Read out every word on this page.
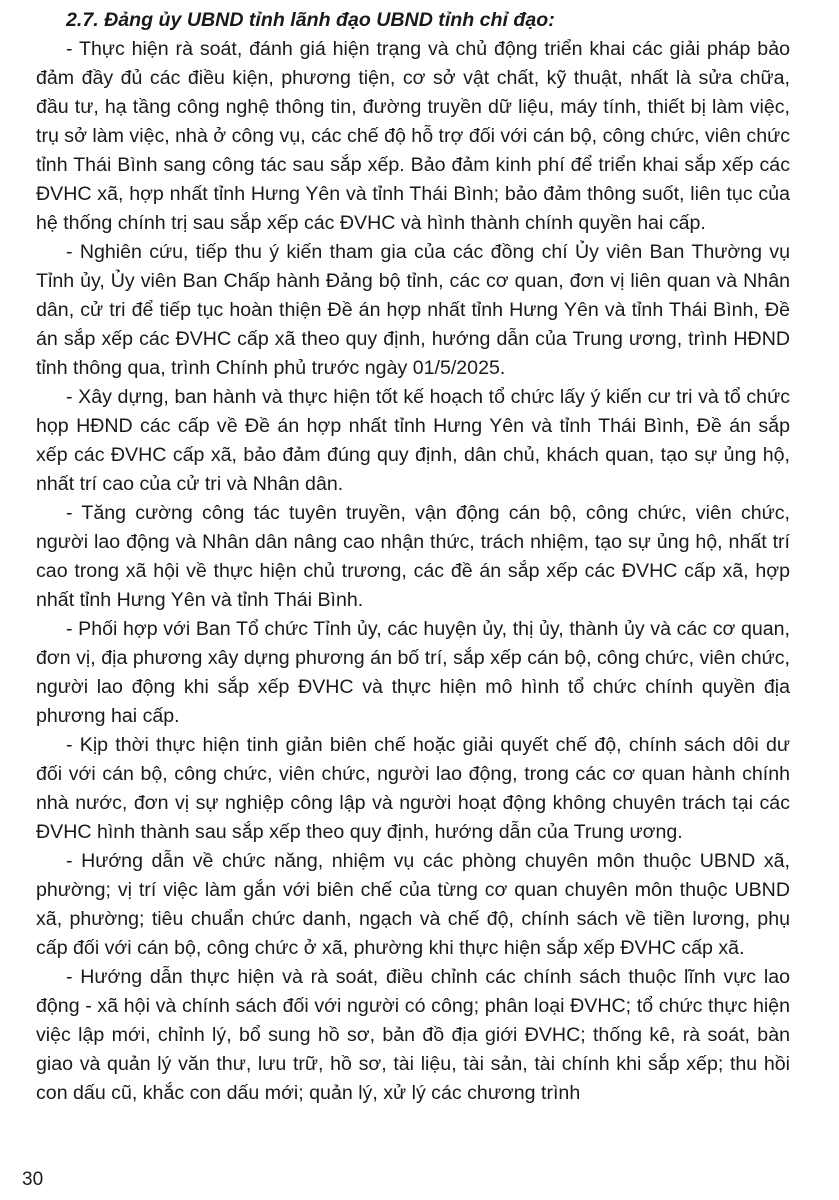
2.7. Đảng ủy UBND tỉnh lãnh đạo UBND tỉnh chỉ đạo:

- Thực hiện rà soát, đánh giá hiện trạng và chủ động triển khai các giải pháp bảo đảm đầy đủ các điều kiện, phương tiện, cơ sở vật chất, kỹ thuật, nhất là sửa chữa, đầu tư, hạ tầng công nghệ thông tin, đường truyền dữ liệu, máy tính, thiết bị làm việc, trụ sở làm việc, nhà ở công vụ, các chế độ hỗ trợ đối với cán bộ, công chức, viên chức tỉnh Thái Bình sang công tác sau sắp xếp. Bảo đảm kinh phí để triển khai sắp xếp các ĐVHC xã, hợp nhất tỉnh Hưng Yên và tỉnh Thái Bình; bảo đảm thông suốt, liên tục của hệ thống chính trị sau sắp xếp các ĐVHC và hình thành chính quyền hai cấp.

- Nghiên cứu, tiếp thu ý kiến tham gia của các đồng chí Ủy viên Ban Thường vụ Tỉnh ủy, Ủy viên Ban Chấp hành Đảng bộ tỉnh, các cơ quan, đơn vị liên quan và Nhân dân, cử tri để tiếp tục hoàn thiện Đề án hợp nhất tỉnh Hưng Yên và tỉnh Thái Bình, Đề án sắp xếp các ĐVHC cấp xã theo quy định, hướng dẫn của Trung ương, trình HĐND tỉnh thông qua, trình Chính phủ trước ngày 01/5/2025.

- Xây dựng, ban hành và thực hiện tốt kế hoạch tổ chức lấy ý kiến cư tri và tổ chức họp HĐND các cấp về Đề án hợp nhất tỉnh Hưng Yên và tỉnh Thái Bình, Đề án sắp xếp các ĐVHC cấp xã, bảo đảm đúng quy định, dân chủ, khách quan, tạo sự ủng hộ, nhất trí cao của cử tri và Nhân dân.

- Tăng cường công tác tuyên truyền, vận động cán bộ, công chức, viên chức, người lao động và Nhân dân nâng cao nhận thức, trách nhiệm, tạo sự ủng hộ, nhất trí cao trong xã hội về thực hiện chủ trương, các đề án sắp xếp các ĐVHC cấp xã, hợp nhất tỉnh Hưng Yên và tỉnh Thái Bình.

- Phối hợp với Ban Tổ chức Tỉnh ủy, các huyện ủy, thị ủy, thành ủy và các cơ quan, đơn vị, địa phương xây dựng phương án bố trí, sắp xếp cán bộ, công chức, viên chức, người lao động khi sắp xếp ĐVHC và thực hiện mô hình tổ chức chính quyền địa phương hai cấp.

- Kịp thời thực hiện tinh giản biên chế hoặc giải quyết chế độ, chính sách dôi dư đối với cán bộ, công chức, viên chức, người lao động, trong các cơ quan hành chính nhà nước, đơn vị sự nghiệp công lập và người hoạt động không chuyên trách tại các ĐVHC hình thành sau sắp xếp theo quy định, hướng dẫn của Trung ương.

- Hướng dẫn về chức năng, nhiệm vụ các phòng chuyên môn thuộc UBND xã, phường; vị trí việc làm gắn với biên chế của từng cơ quan chuyên môn thuộc UBND xã, phường; tiêu chuẩn chức danh, ngạch và chế độ, chính sách về tiền lương, phụ cấp đối với cán bộ, công chức ở xã, phường khi thực hiện sắp xếp ĐVHC cấp xã.

- Hướng dẫn thực hiện và rà soát, điều chỉnh các chính sách thuộc lĩnh vực lao động - xã hội và chính sách đối với người có công; phân loại ĐVHC; tổ chức thực hiện việc lập mới, chỉnh lý, bổ sung hồ sơ, bản đồ địa giới ĐVHC; thống kê, rà soát, bàn giao và quản lý văn thư, lưu trữ, hồ sơ, tài liệu, tài sản, tài chính khi sắp xếp; thu hồi con dấu cũ, khắc con dấu mới; quản lý, xử lý các chương trình

30
